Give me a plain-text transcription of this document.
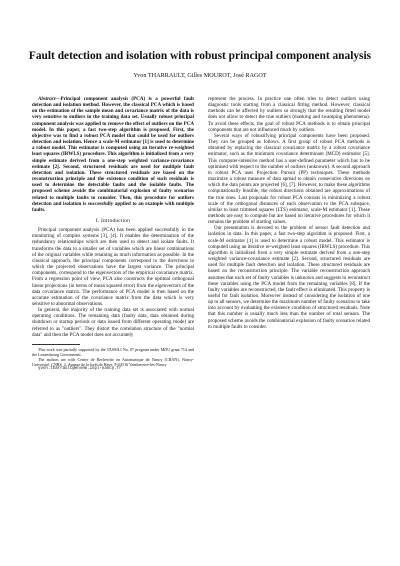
Fault detection and isolation with robust principal component analysis
Yvon THARRAULT, Gilles MOUROT, José RAGOT

Abstract—Principal component analysis (PCA) is a powerful fault detection and isolation method. However, the classical PCA which is based on the estimation of the sample mean and covariance matrix of the data is very sensitive to outliers in the training data set. Usually robust principal component analysis was applied to remove the effect of outliers on the PCA model. In this paper, a fast two-step algorithm is proposed. First, the objective was to find a robust PCA model that could be used for outliers detection and isolation. Hence a scale-M estimator [1] is used to determine a robust model. This estimator is computed using an iterative re-weighted least squares (IRWLS) procedure. This algorithm is initialized from a very simple estimate derived from a one-step weighted variance-covariance estimate [2]. Second, structured residuals are used for multiple fault detection and isolation. These structured residuals are based on the reconstruction principle and the existence condition of such residuals is used to determine the detectable faults and the isolable faults. The proposed scheme avoids the combinatorial explosion of faulty scenarios related to multiple faults to consider. Then, this procedure for outliers detection and isolation is successfully applied to an example with multiple faults.

I. Introduction

Principal component analysis (PCA) has been applied successfully in the monitoring of complex systems [3], [4]. It enables the determination of the redundancy relationships which are then used to detect and isolate faults. It transforms the data to a smaller set of variables which are linear combinations of the original variables while retaining as much information as possible. In the classical approach, the principal components correspond to the directions in which the projected observations have the largest variance. The principal components, correspond to the eigenvectors of the empirical covariance matrix. From a regression point of view, PCA also constructs the optimal orthogonal linear projections (in terms of mean squared error) from the eigenvectors of the data covariance matrix. The performance of PCA model is then based on the accurate estimation of the covariance matrix from the data which is very sensitive to abnormal observations.

In general, the majority of the training data set is associated with normal operating conditions. The remaining data (faulty data, data obtained during shutdown or startup periods or data issued from different operating mode) are referred to as "outliers". They distort the correlation structure of the "normal data" and then the PCA model does not accurately

This work was partially supported by the TASSILI No. 07 program under MDU grant 714 and the Luxembourg Government.

The authors are with Centre de Recherche en Automatique de Nancy (CRAN), Nancy-Université, CNRS, 2, Avenue de la forêt de Haye, F-54516 Vandoeuvre-lès-Nancy

yvon.tharrault@ensem.inpl-nancy.fr

represent the process. In practice one often tries to detect outliers using diagnostic tools starting from a classical fitting method. However, classical methods can be affected by outliers so strongly that the resulting fitted model does not allow to detect the true outliers (masking and swamping phenomena). To avoid these effects, the goal of robust PCA methods is to obtain principal components that are not influenced much by outliers.

Several ways of robustifying principal components have been proposed. They can be grouped as follows. A first group of robust PCA methods is obtained by replacing the classical covariance matrix by a robust covariance estimator, such as the minimum covariance determinant (MCD) estimator [5]. This computer-intensive method has a user-defined parameter which has to be optimised with respect to the number of outliers (unknown). A second approach to robust PCA uses Projection Pursuit (PP) techniques. These methods maximize a robust measure of data spread to obtain consecutive directions on which the data points are projected [6], [7]. However, to make these algorithms computationally feasible, the robust directions obtained are approximations of the true ones. Last proposals for robust PCA consists in minimizing a robust scale of the orthogonal distances of each observation to the PCA subspace, similar to least trimmed squares (LTS) estimator, scale-M estimator [1]. These methods are easy to compute but are based on iterative procedures for which it remains the problem of starting values.

Our presentation is devoted to the problem of sensor fault detection and isolation in data. In this paper, a fast two-step algorithm is proposed. First, a scale-M estimator [1] is used to determine a robust model. This estimator is computed using an iterative re-weighted least squares (IRWLS) procedure. This algorithm is initialized from a very simple estimate derived from a one-step weighted variance-covariance estimate [2]. Second, structured residuals are used for multiple fault detection and isolation. These structured residuals are based on the reconstruction principle. The variable reconstruction approach assumes that each set of faulty variables is unknown and suggests to reconstruct these variables using the PCA model from the remaining variables [8]. If the faulty variables are reconstructed, the fault effect is eliminated. This property is useful for fault isolation. Moreover instead of considering the isolation of one up to all sensors, we determine the maximum number of faulty scenarios to take into account by evaluating the existence condition of structured residuals. Note that this number is usually much less than the number of total sensors. The proposed scheme avoids the combinatorial explosion of faulty scenarios related to multiple faults to consider.
